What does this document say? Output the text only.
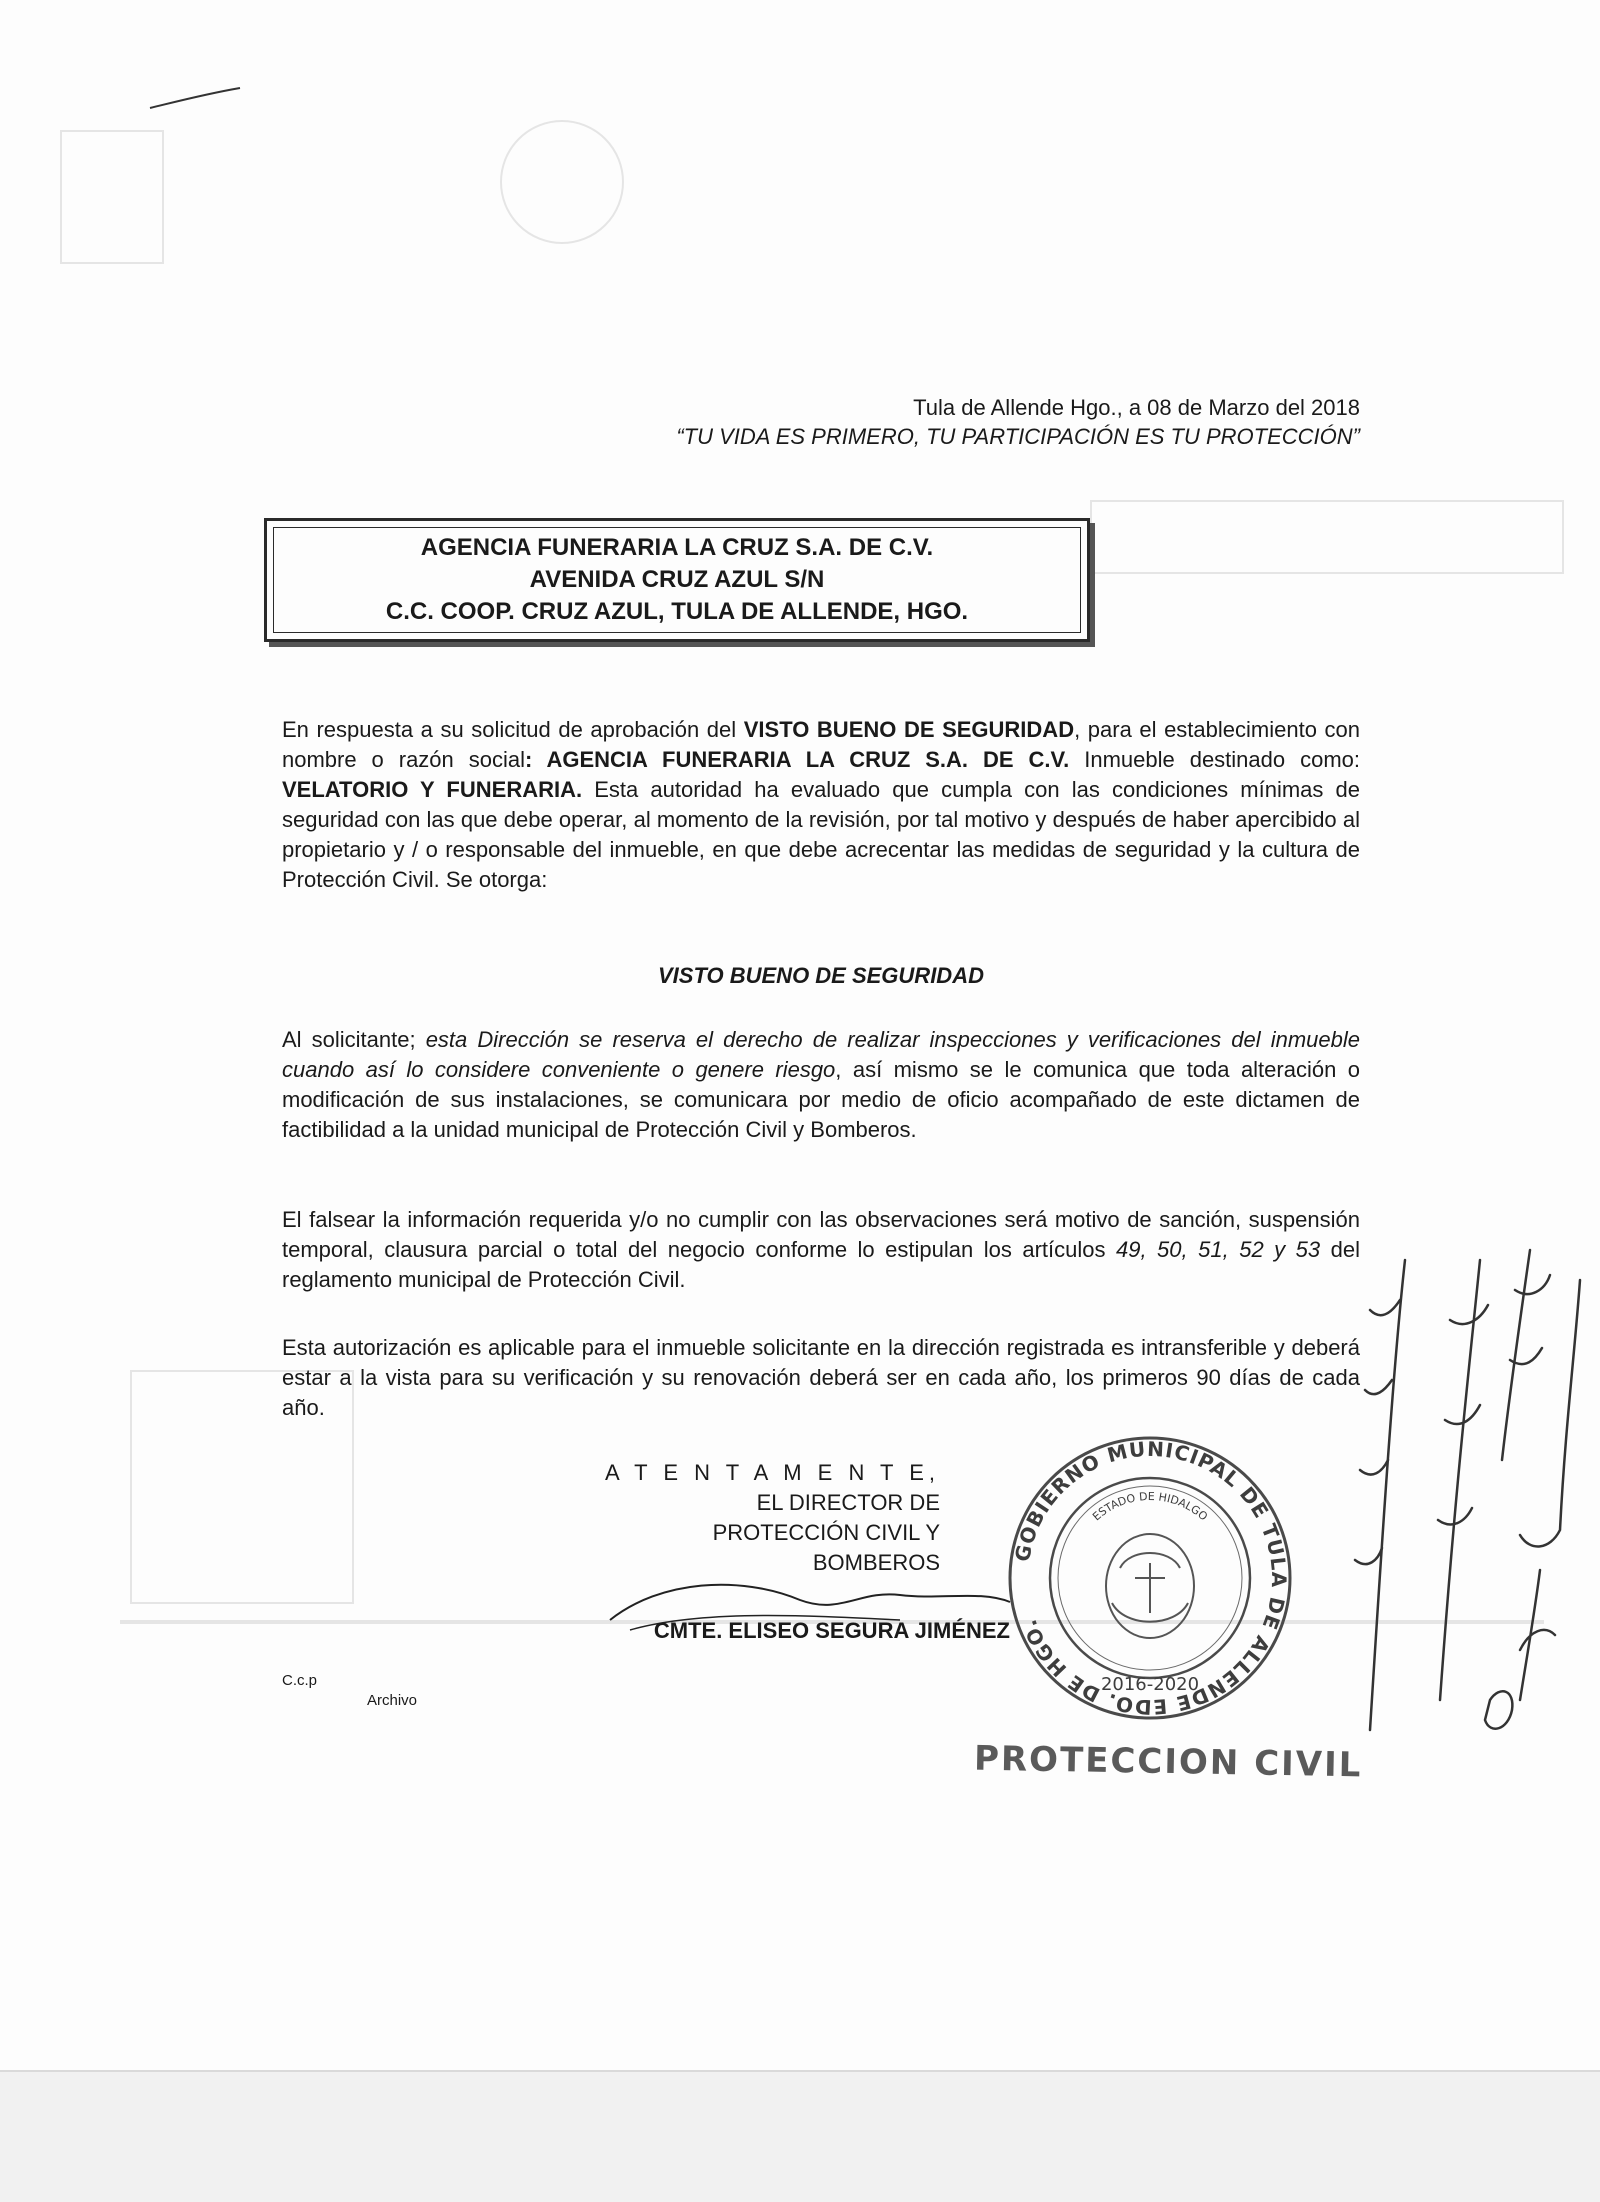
Tula de Allende Hgo., a 08 de Marzo del 2018
“TU VIDA ES PRIMERO, TU PARTICIPACIÓN ES TU PROTECCIÓN”
AGENCIA FUNERARIA LA CRUZ S.A. DE C.V.
AVENIDA CRUZ AZUL S/N
C.C. COOP. CRUZ AZUL, TULA DE ALLENDE, HGO.
En respuesta a su solicitud de aprobación del VISTO BUENO DE SEGURIDAD, para el establecimiento con nombre o razón social: AGENCIA FUNERARIA LA CRUZ S.A. DE C.V. Inmueble destinado como: VELATORIO Y FUNERARIA. Esta autoridad ha evaluado que cumpla con las condiciones mínimas de seguridad con las que debe operar, al momento de la revisión, por tal motivo y después de haber apercibido al propietario y / o responsable del inmueble, en que debe acrecentar las medidas de seguridad y la cultura de Protección Civil. Se otorga:
VISTO BUENO DE SEGURIDAD
Al solicitante; esta Dirección se reserva el derecho de realizar inspecciones y verificaciones del inmueble cuando así lo considere conveniente o genere riesgo, así mismo se le comunica que toda alteración o modificación de sus instalaciones, se comunicara por medio de oficio acompañado de este dictamen de factibilidad a la unidad municipal de Protección Civil y Bomberos.
El falsear la información requerida y/o no cumplir con las observaciones será motivo de sanción, suspensión temporal, clausura parcial o total del negocio conforme lo estipulan los artículos 49, 50, 51, 52 y 53 del reglamento municipal de Protección Civil.
Esta autorización es aplicable para el inmueble solicitante en la dirección registrada es intransferible y deberá estar a la vista para su verificación y su renovación deberá ser en cada año, los primeros 90 días de cada año.
A T E N T A M E N T E,
EL DIRECTOR DE
PROTECCIÓN CIVIL Y BOMBEROS
CMTE. ELISEO SEGURA JIMÉNEZ
C.c.p
Archivo
GOBIERNO MUNICIPAL DE TULA DE ALLENDE EDO. DE HGO.
ESTADO DE HIDALGO
2016-2020
PROTECCION CIVIL
